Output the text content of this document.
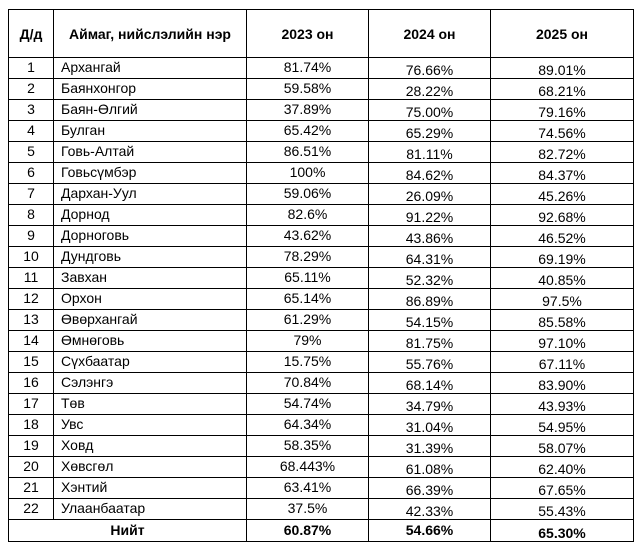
Д/д	Аймаг, нийслэлийн нэр	2023 он	2024 он	2025 он
1	Архангай	81.74%	76.66%	89.01%
2	Баянхонгор	59.58%	28.22%	68.21%
3	Баян-Өлгий	37.89%	75.00%	79.16%
4	Булган	65.42%	65.29%	74.56%
5	Говь-Алтай	86.51%	81.11%	82.72%
6	Говьсүмбэр	100%	84.62%	84.37%
7	Дархан-Уул	59.06%	26.09%	45.26%
8	Дорнод	82.6%	91.22%	92.68%
9	Дорноговь	43.62%	43.86%	46.52%
10	Дундговь	78.29%	64.31%	69.19%
11	Завхан	65.11%	52.32%	40.85%
12	Орхон	65.14%	86.89%	97.5%
13	Өвөрхангай	61.29%	54.15%	85.58%
14	Өмнөговь	79%	81.75%	97.10%
15	Сүхбаатар	15.75%	55.76%	67.11%
16	Сэлэнгэ	70.84%	68.14%	83.90%
17	Төв	54.74%	34.79%	43.93%
18	Увс	64.34%	31.04%	54.95%
19	Ховд	58.35%	31.39%	58.07%
20	Хөвсгөл	68.443%	61.08%	62.40%
21	Хэнтий	63.41%	66.39%	67.65%
22	Улаанбаатар	37.5%	42.33%	55.43%
Нийт		60.87%	54.66%	65.30%
